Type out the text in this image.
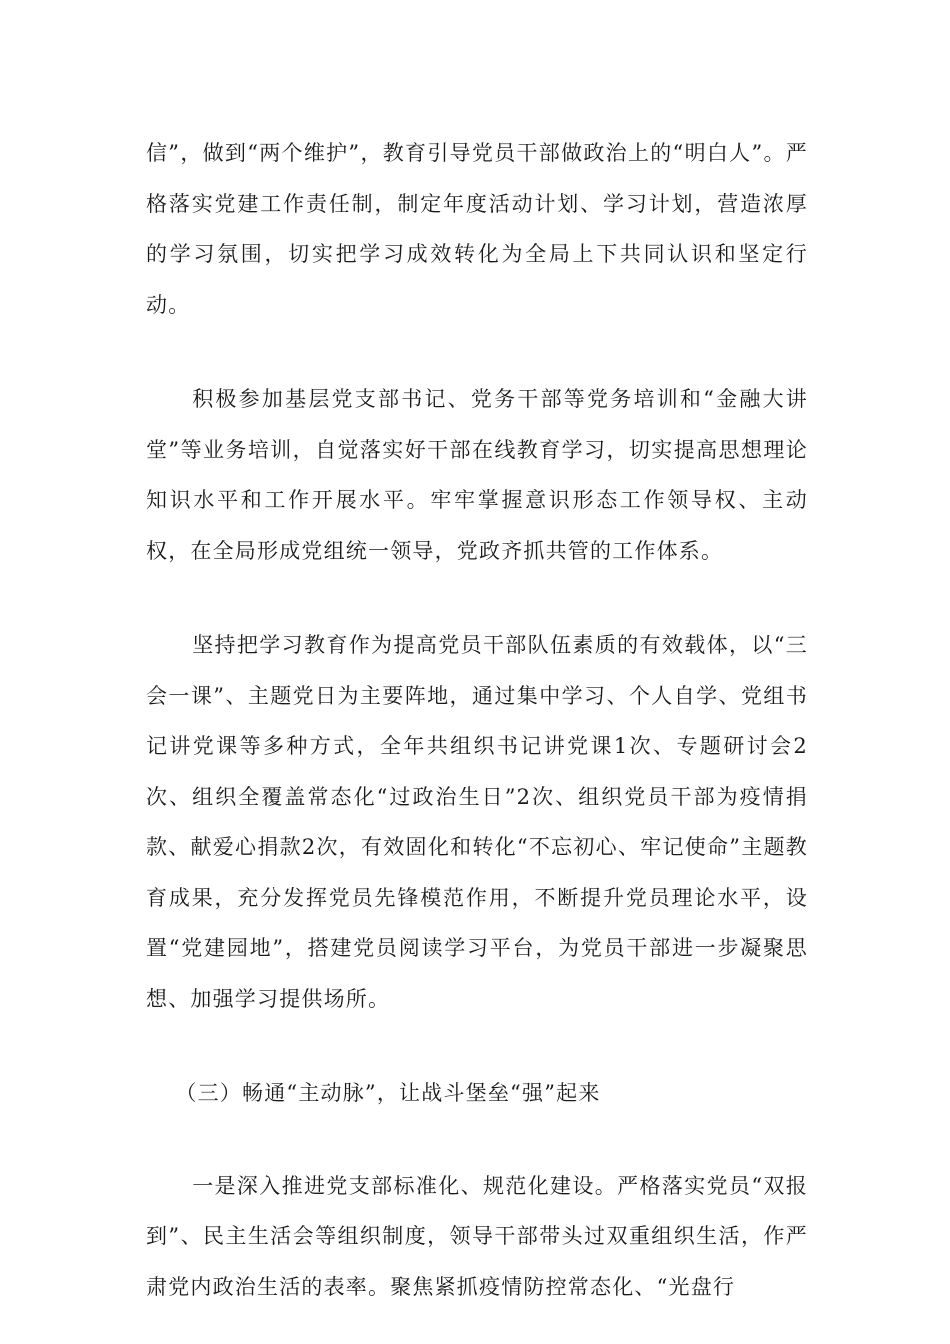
信”，做到“两个维护”，教育引导党员干部做政治上的“明白人”。严格落实党建工作责任制，制定年度活动计划、学习计划，营造浓厚的学习氛围，切实把学习成效转化为全局上下共同认识和坚定行动。

积极参加基层党支部书记、党务干部等党务培训和“金融大讲堂”等业务培训，自觉落实好干部在线教育学习，切实提高思想理论知识水平和工作开展水平。牢牢掌握意识形态工作领导权、主动权，在全局形成党组统一领导，党政齐抓共管的工作体系。

坚持把学习教育作为提高党员干部队伍素质的有效载体，以“三会一课”、主题党日为主要阵地，通过集中学习、个人自学、党组书记讲党课等多种方式，全年共组织书记讲党课1次、专题研讨会2次、组织全覆盖常态化“过政治生日”2次、组织党员干部为疫情捐款、献爱心捐款2次，有效固化和转化“不忘初心、牢记使命”主题教育成果，充分发挥党员先锋模范作用，不断提升党员理论水平，设置“党建园地”，搭建党员阅读学习平台，为党员干部进一步凝聚思想、加强学习提供场所。

（三）畅通“主动脉”，让战斗堡垒“强”起来

一是深入推进党支部标准化、规范化建设。严格落实党员“双报到”、民主生活会等组织制度，领导干部带头过双重组织生活，作严肃党内政治生活的表率。聚焦紧抓疫情防控常态化、“光盘行
